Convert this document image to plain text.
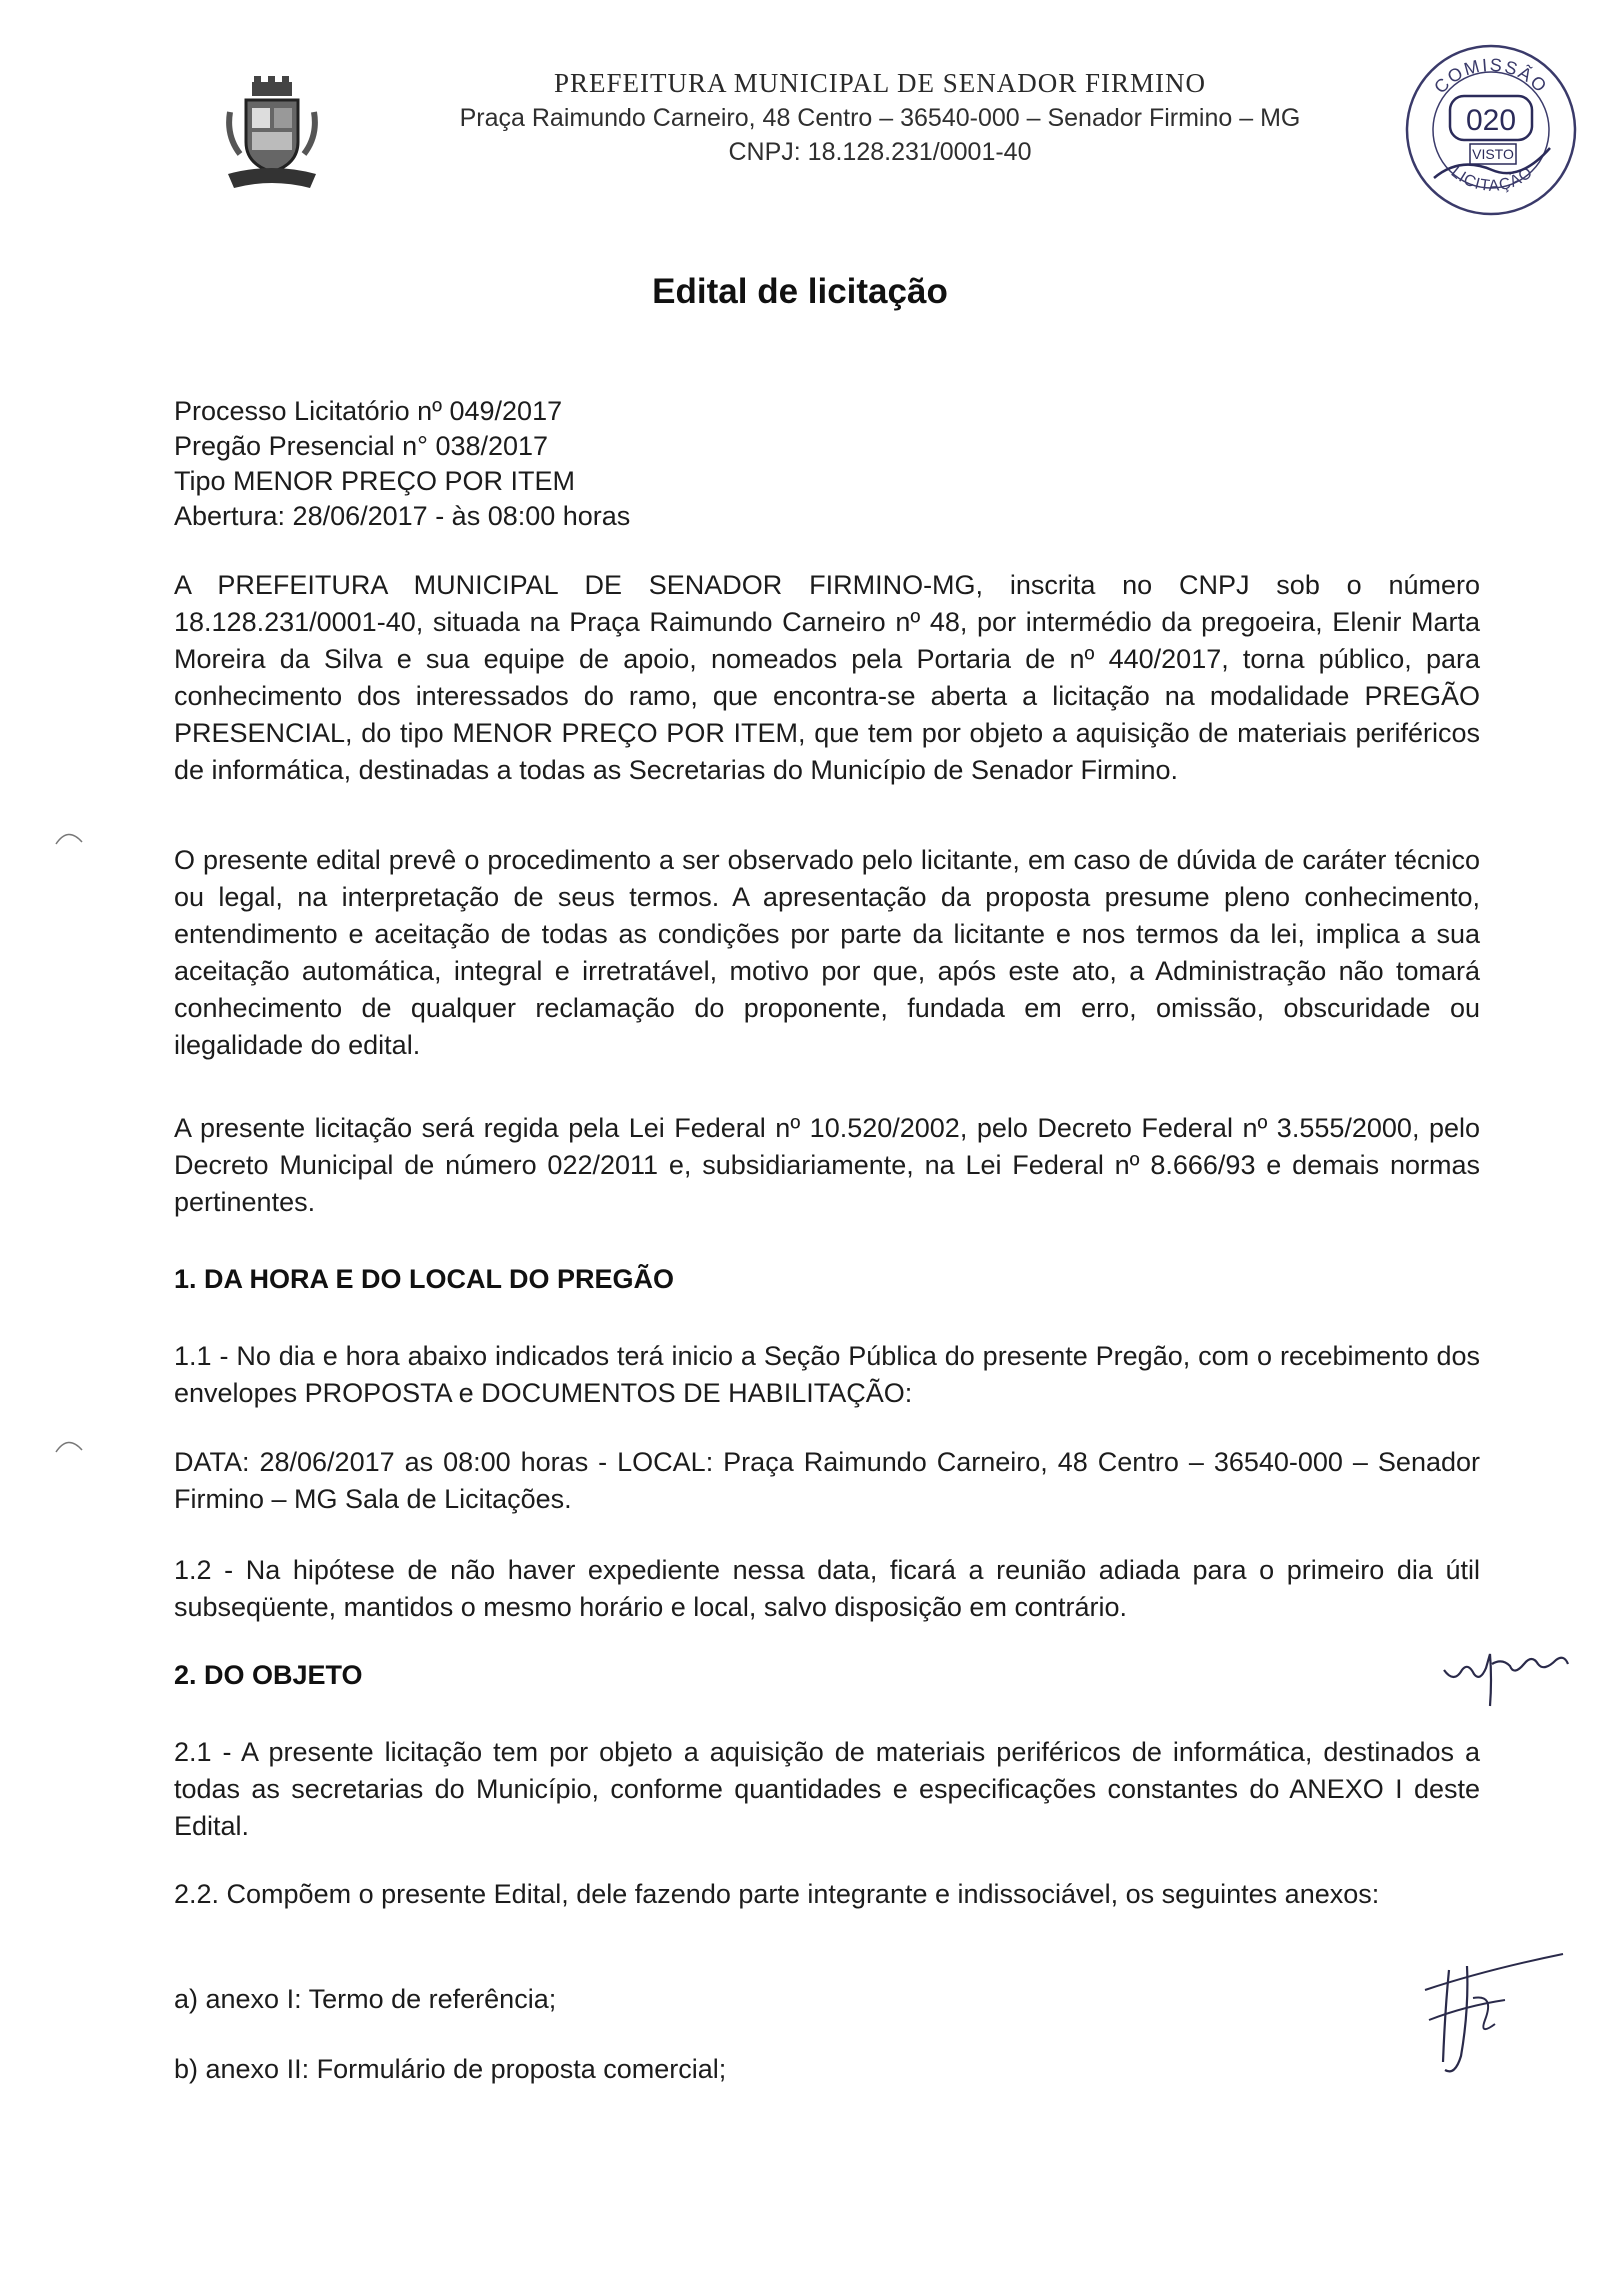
PREFEITURA MUNICIPAL DE SENADOR FIRMINO
Praça Raimundo Carneiro, 48 Centro – 36540-000 – Senador Firmino – MG
CNPJ: 18.128.231/0001-40
COMISSÃO
LICITAÇÃO
020
VISTO
Edital de licitação
Processo Licitatório nº 049/2017
Pregão Presencial n° 038/2017
Tipo MENOR PREÇO POR ITEM
Abertura: 28/06/2017 - às 08:00 horas
A PREFEITURA MUNICIPAL DE SENADOR FIRMINO-MG, inscrita no CNPJ sob o número 18.128.231/0001-40, situada na Praça Raimundo Carneiro nº 48, por intermédio da pregoeira, Elenir Marta Moreira da Silva e sua equipe de apoio, nomeados pela Portaria de nº 440/2017, torna público, para conhecimento dos interessados do ramo, que encontra-se aberta a licitação na modalidade PREGÃO PRESENCIAL, do tipo MENOR PREÇO POR ITEM, que tem por objeto a aquisição de materiais periféricos de informática, destinadas a todas as Secretarias do Município de Senador Firmino.
O presente edital prevê o procedimento a ser observado pelo licitante, em caso de dúvida de caráter técnico ou legal, na interpretação de seus termos. A apresentação da proposta presume pleno conhecimento, entendimento e aceitação de todas as condições por parte da licitante e nos termos da lei, implica a sua aceitação automática, integral e irretratável, motivo por que, após este ato, a Administração não tomará conhecimento de qualquer reclamação do proponente, fundada em erro, omissão, obscuridade ou ilegalidade do edital.
A presente licitação será regida pela Lei Federal nº 10.520/2002, pelo Decreto Federal nº 3.555/2000, pelo Decreto Municipal de número 022/2011 e, subsidiariamente, na Lei Federal nº 8.666/93 e demais normas pertinentes.
1. DA HORA E DO LOCAL DO PREGÃO
1.1 - No dia e hora abaixo indicados terá inicio a Seção Pública do presente Pregão, com o recebimento dos envelopes PROPOSTA e DOCUMENTOS DE HABILITAÇÃO:
DATA: 28/06/2017 as 08:00 horas - LOCAL: Praça Raimundo Carneiro, 48 Centro – 36540-000 – Senador Firmino – MG Sala de Licitações.
1.2 - Na hipótese de não haver expediente nessa data, ficará a reunião adiada para o primeiro dia útil subseqüente, mantidos o mesmo horário e local, salvo disposição em contrário.
2. DO OBJETO
2.1 - A presente licitação tem por objeto a aquisição de materiais periféricos de informática, destinados a todas as secretarias do Município, conforme quantidades e especificações constantes do ANEXO I deste Edital.
2.2. Compõem o presente Edital, dele fazendo parte integrante e indissociável, os seguintes anexos:
a) anexo I: Termo de referência;
b) anexo II: Formulário de proposta comercial;
